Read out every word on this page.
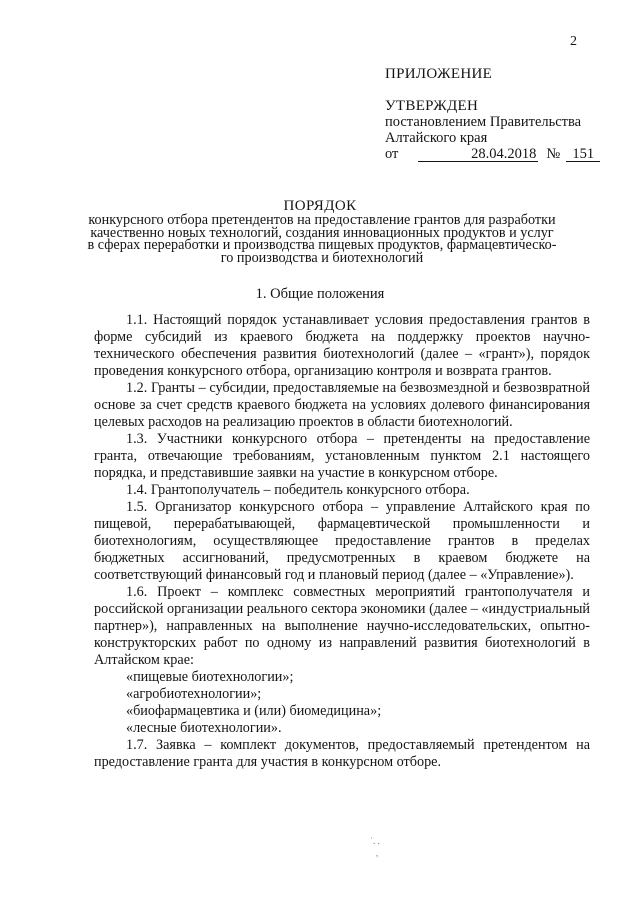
2
ПРИЛОЖЕНИЕ
УТВЕРЖДЕН
постановлением Правительства
Алтайского края
от	28.04.2018 № 151
ПОРЯДОК
конкурсного отбора претендентов на предоставление грантов для разработки
качественно новых технологий, создания инновационных продуктов и услуг
в сферах переработки и производства пищевых продуктов, фармацевтическо-
го производства и биотехнологий
1. Общие положения

1.1. Настоящий порядок устанавливает условия предоставления грантов в форме субсидий из краевого бюджета на поддержку проектов научно-технического обеспечения развития биотехнологий (далее – «грант»), порядок проведения конкурсного отбора, организацию контроля и возврата грантов.

1.2. Гранты – субсидии, предоставляемые на безвозмездной и безвозвратной основе за счет средств краевого бюджета на условиях долевого финансирования целевых расходов на реализацию проектов в области биотехнологий.

1.3. Участники конкурсного отбора – претенденты на предоставление гранта, отвечающие требованиям, установленным пунктом 2.1 настоящего порядка, и представившие заявки на участие в конкурсном отборе.

1.4. Грантополучатель – победитель конкурсного отбора.

1.5. Организатор конкурсного отбора – управление Алтайского края по пищевой, перерабатывающей, фармацевтической промышленности и биотехнологиям, осуществляющее предоставление грантов в пределах бюджетных ассигнований, предусмотренных в краевом бюджете на соответствующий финансовый год и плановый период (далее – «Управление»).

1.6. Проект – комплекс совместных мероприятий грантополучателя и российской организации реального сектора экономики (далее – «индустриальный партнер»), направленных на выполнение научно-исследовательских, опытно-конструкторских работ по одному из направлений развития биотехнологий в Алтайском крае:

«пищевые биотехнологии»;

«агробиотехнологии»;

«биофармацевтика и (или) биомедицина»;

«лесные биотехнологии».

1.7. Заявка – комплект документов, предоставляемый претендентом на предоставление гранта для участия в конкурсном отборе.

˙. .
,
